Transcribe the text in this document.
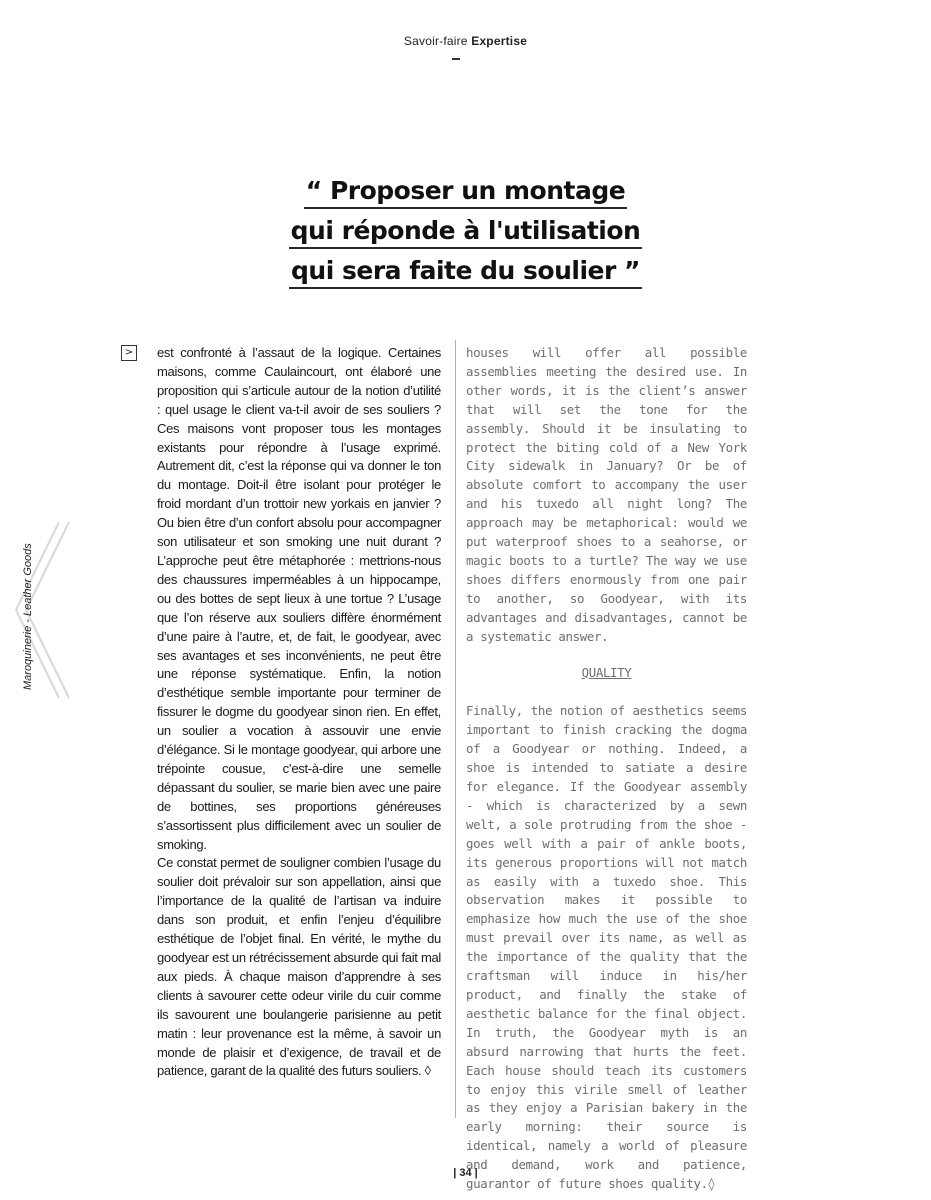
Savoir-faire Expertise
“ Proposer un montage
qui réponde à l'utilisation
qui sera faite du soulier ”
Maroquinerie - Leather Goods
> est confronté à l’assaut de la logique. Certaines maisons, comme Caulaincourt, ont élaboré une proposition qui s’articule autour de la notion d’utilité : quel usage le client va-t-il avoir de ses souliers ? Ces maisons vont proposer tous les montages existants pour répondre à l’usage exprimé. Autrement dit, c’est la réponse qui va donner le ton du montage. Doit-il être isolant pour protéger le froid mordant d’un trottoir new yorkais en janvier ? Ou bien être d’un confort absolu pour accompagner son utilisateur et son smoking une nuit durant ? L’approche peut être métaphorée : mettrions-nous des chaussures imperméables à un hippocampe, ou des bottes de sept lieux à une tortue ? L’usage que l’on réserve aux souliers diffère énormément d’une paire à l’autre, et, de fait, le goodyear, avec ses avantages et ses inconvénients, ne peut être une réponse systématique. Enfin, la notion d’esthétique semble importante pour terminer de fissurer le dogme du goodyear sinon rien. En effet, un soulier a vocation à assouvir une envie d’élégance. Si le montage goodyear, qui arbore une trépointe cousue, c’est-à-dire une semelle dépassant du soulier, se marie bien avec une paire de bottines, ses proportions généreuses s’assortissent plus difficilement avec un soulier de smoking.

Ce constat permet de souligner combien l’usage du soulier doit prévaloir sur son appellation, ainsi que l’importance de la qualité de l’artisan va induire dans son produit, et enfin l’enjeu d’équilibre esthétique de l’objet final. En vérité, le mythe du goodyear est un rétrécissement absurde qui fait mal aux pieds. À chaque maison d’apprendre à ses clients à savourer cette odeur virile du cuir comme ils savourent une boulangerie parisienne au petit matin : leur provenance est la même, à savoir un monde de plaisir et d’exigence, de travail et de patience, garant de la qualité des futurs souliers. ◊

houses will offer all possible assemblies meeting the desired use. In other words, it is the client’s answer that will set the tone for the assembly. Should it be insulating to protect the biting cold of a New York City sidewalk in January? Or be of absolute comfort to accompany the user and his tuxedo all night long? The approach may be metaphorical: would we put waterproof shoes to a seahorse, or magic boots to a turtle? The way we use shoes differs enormously from one pair to another, so Goodyear, with its advantages and disadvantages, cannot be a systematic answer.

QUALITY

Finally, the notion of aesthetics seems important to finish cracking the dogma of a Goodyear or nothing. Indeed, a shoe is intended to satiate a desire for elegance. If the Goodyear assembly - which is characterized by a sewn welt, a sole protruding from the shoe - goes well with a pair of ankle boots, its generous proportions will not match as easily with a tuxedo shoe. This observation makes it possible to emphasize how much the use of the shoe must prevail over its name, as well as the importance of the quality that the craftsman will induce in his/her product, and finally the stake of aesthetic balance for the final object. In truth, the Goodyear myth is an absurd narrowing that hurts the feet. Each house should teach its customers to enjoy this virile smell of leather as they enjoy a Parisian bakery in the early morning: their source is identical, namely a world of pleasure and demand, work and patience, guarantor of future shoes quality.◊

| 34 |
